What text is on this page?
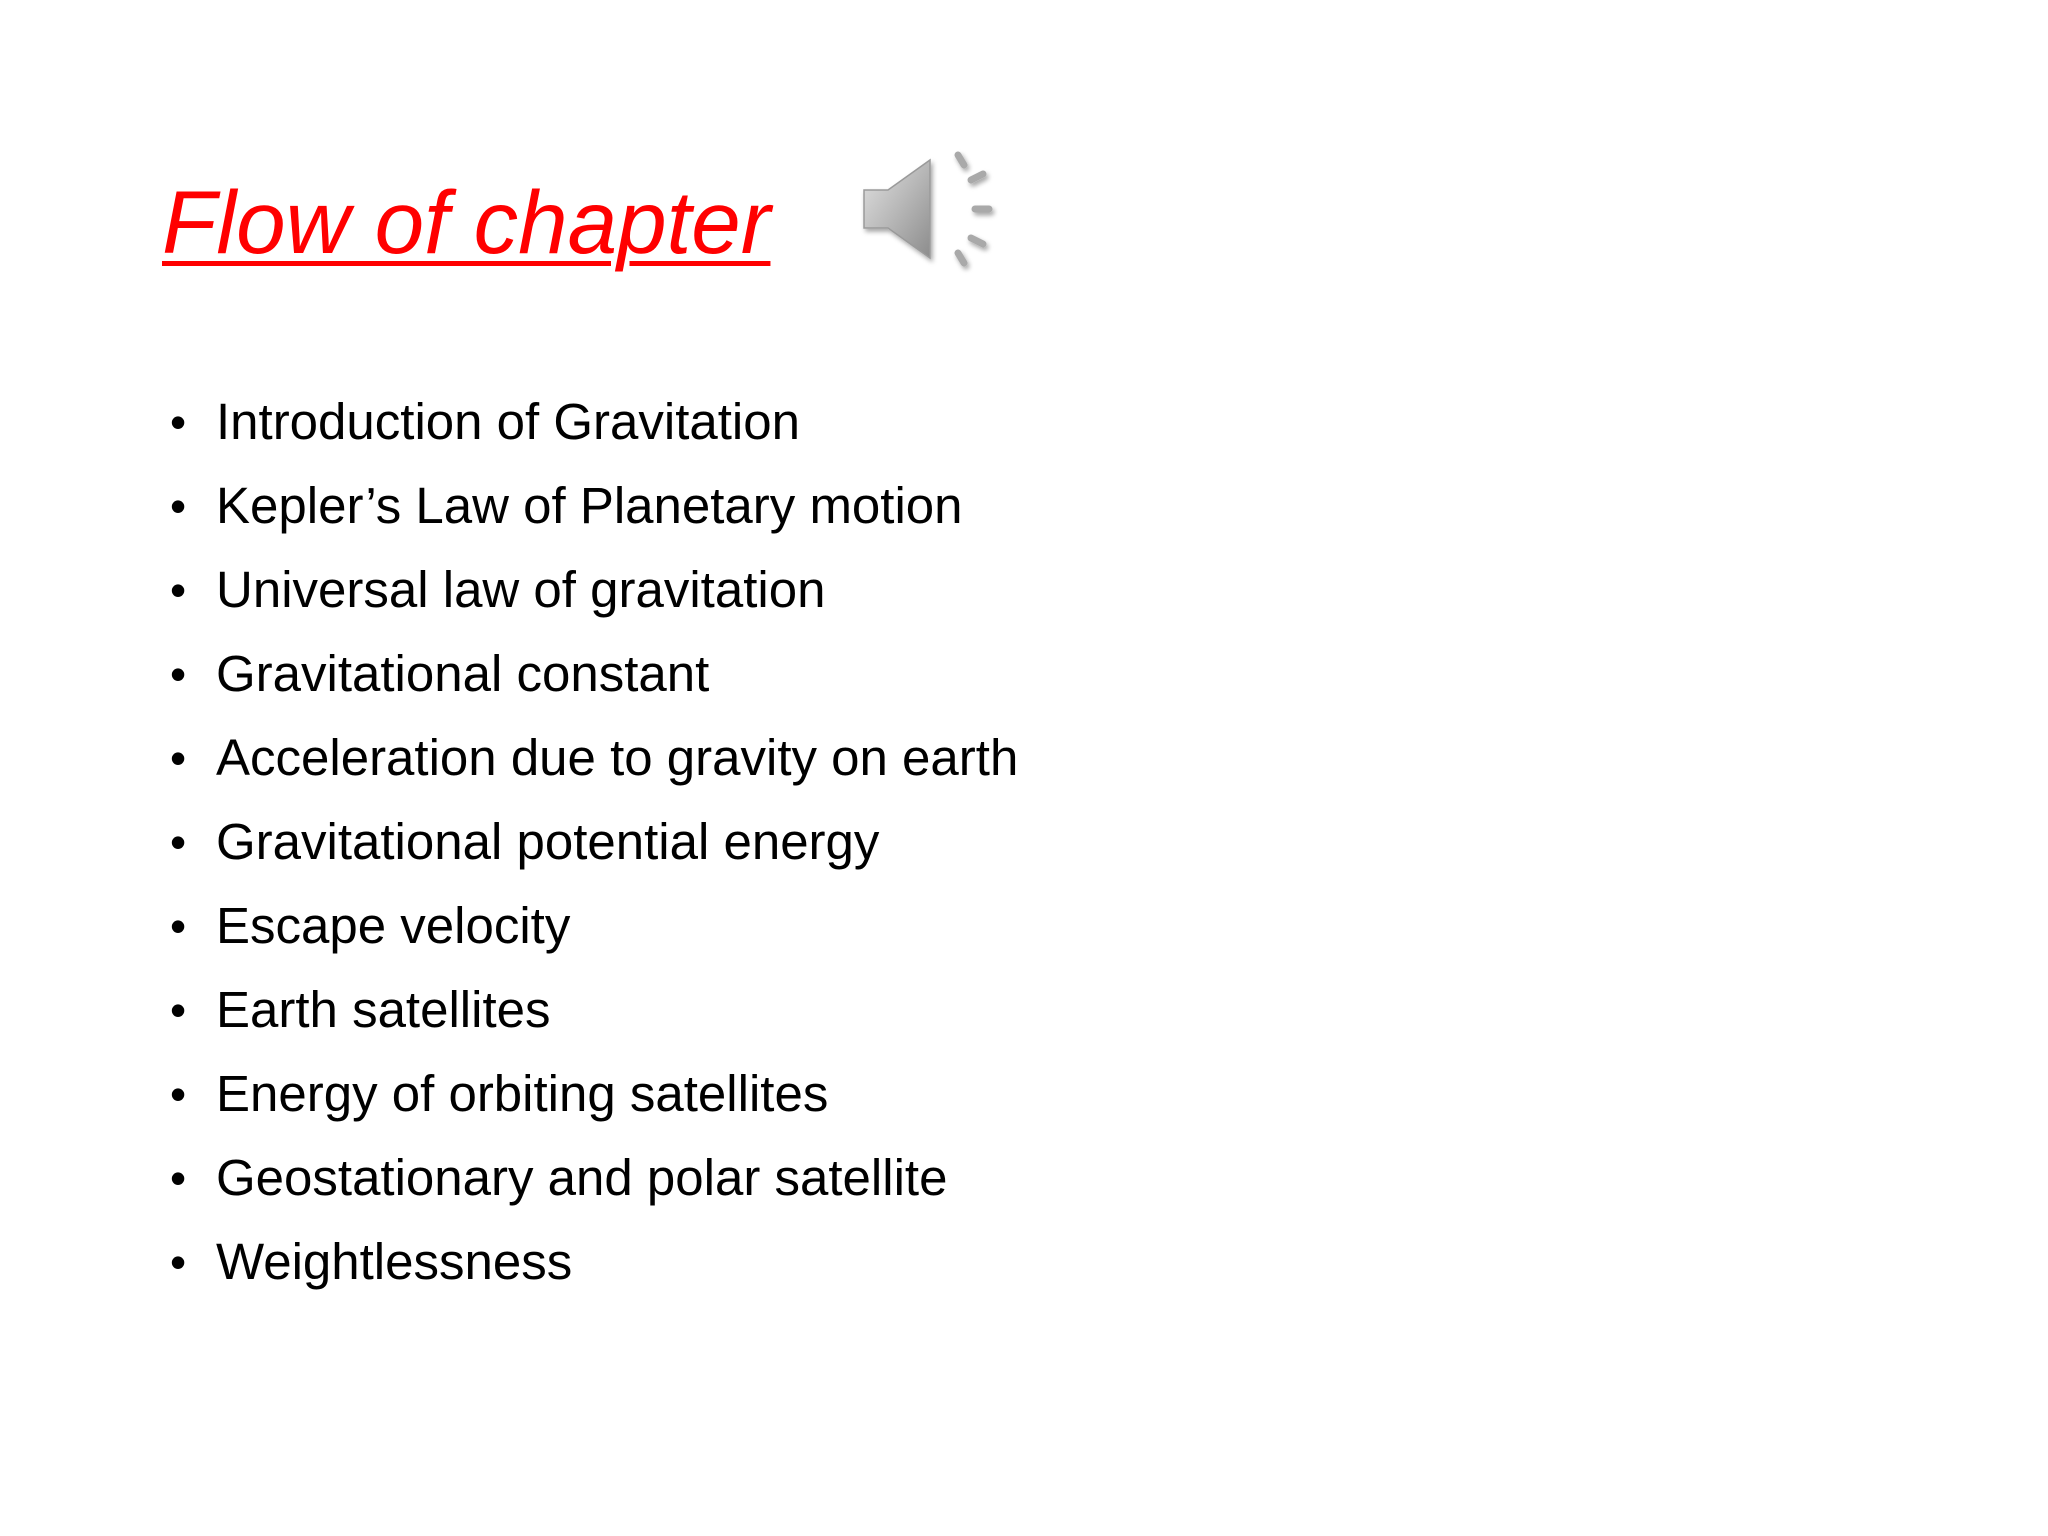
Flow of chapter
• Introduction of Gravitation
• Kepler’s Law of Planetary motion
• Universal law of gravitation
• Gravitational constant
• Acceleration due to gravity on earth
• Gravitational potential energy
• Escape velocity
• Earth satellites
• Energy of orbiting satellites
• Geostationary and polar satellite
• Weightlessness
